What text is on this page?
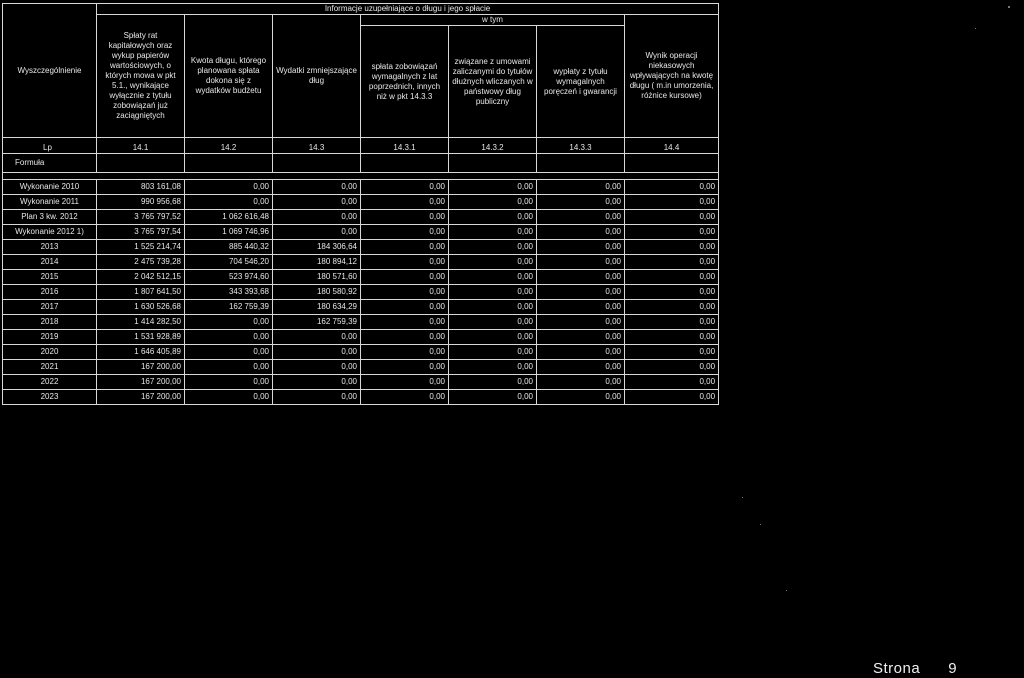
Wyszczególnienie	Informacje uzupełniające o długu i jego spłacie						
	Spłaty rat kapitałowych oraz wykup papierów wartościowych, o których mowa w pkt 5.1., wynikające wyłącznie z tytułu zobowiązań już zaciągniętych	Kwota długu, którego planowana spłata dokona się z wydatków budżetu	Wydatki zmniejszające dług	w tym			Wynik operacji niekasowych wpływających na kwotę długu ( m.in umorzenia, różnice kursowe)
				spłata zobowiązań wymagalnych z lat poprzednich, innych niż w pkt 14.3.3	związane z umowami zaliczanymi do tytułów dłużnych wliczanych w państwowy dług publiczny	wypłaty z tytułu wymagalnych poręczeń i gwarancji	
Lp	14.1	14.2	14.3	14.3.1	14.3.2	14.3.3	14.4
Formuła							

Wykonanie 2010	803 161,08	0,00	0,00	0,00	0,00	0,00	0,00
Wykonanie 2011	990 956,68	0,00	0,00	0,00	0,00	0,00	0,00
Plan 3 kw. 2012	3 765 797,52	1 062 616,48	0,00	0,00	0,00	0,00	0,00
Wykonanie 2012 1)	3 765 797,54	1 069 746,96	0,00	0,00	0,00	0,00	0,00
2013	1 525 214,74	885 440,32	184 306,64	0,00	0,00	0,00	0,00
2014	2 475 739,28	704 546,20	180 894,12	0,00	0,00	0,00	0,00
2015	2 042 512,15	523 974,60	180 571,60	0,00	0,00	0,00	0,00
2016	1 807 641,50	343 393,68	180 580,92	0,00	0,00	0,00	0,00
2017	1 630 526,68	162 759,39	180 634,29	0,00	0,00	0,00	0,00
2018	1 414 282,50	0,00	162 759,39	0,00	0,00	0,00	0,00
2019	1 531 928,89	0,00	0,00	0,00	0,00	0,00	0,00
2020	1 646 405,89	0,00	0,00	0,00	0,00	0,00	0,00
2021	167 200,00	0,00	0,00	0,00	0,00	0,00	0,00
2022	167 200,00	0,00	0,00	0,00	0,00	0,00	0,00
2023	167 200,00	0,00	0,00	0,00	0,00	0,00	0,00
Strona 9
